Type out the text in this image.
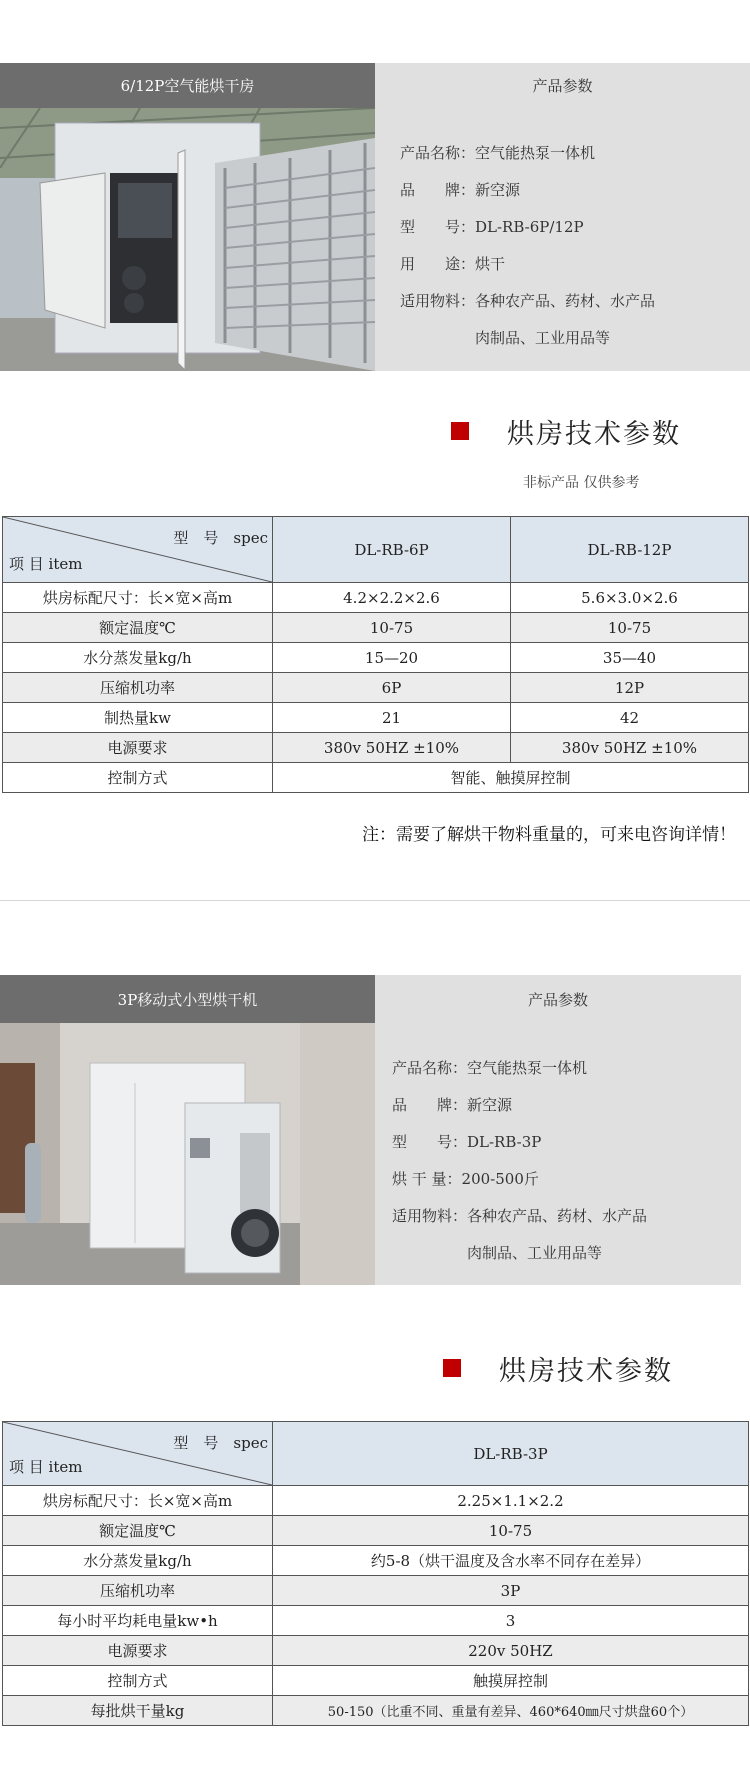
6/12P空气能烘干房	产品参数
产品名称：空气能热泵一体机
品　　牌：新空源
型　　号：DL-RB-6P/12P
用　　途：烘干
适用物料：各种农产品、药材、水产品
　　　　　肉制品、工业用品等
烘房技术参数
非标产品 仅供参考
型　号　spec
项 目 item	DL-RB-6P	DL-RB-12P
烘房标配尺寸：长×宽×高m	4.2×2.2×2.6	5.6×3.0×2.6
额定温度℃	10-75	10-75
水分蒸发量kg/h	15—20	35—40
压缩机功率	6P	12P
制热量kw	21	42
电源要求	380v 50HZ ±10%	380v 50HZ ±10%
控制方式	智能、触摸屏控制	
注：需要了解烘干物料重量的，可来电咨询详情！
3P移动式小型烘干机	产品参数
产品名称：空气能热泵一体机
品　　牌：新空源
型　　号：DL-RB-3P
烘 干 量：200-500斤
适用物料：各种农产品、药材、水产品
　　　　　肉制品、工业用品等
烘房技术参数
型　号　spec
项 目 item	DL-RB-3P
烘房标配尺寸：长×宽×高m	2.25×1.1×2.2
额定温度℃	10-75
水分蒸发量kg/h	约5-8（烘干温度及含水率不同存在差异）
压缩机功率	3P
每小时平均耗电量kw•h	3
电源要求	220v 50HZ
控制方式	触摸屏控制
每批烘干量kg	50-150（比重不同、重量有差异、460*640㎜尺寸烘盘60个）
